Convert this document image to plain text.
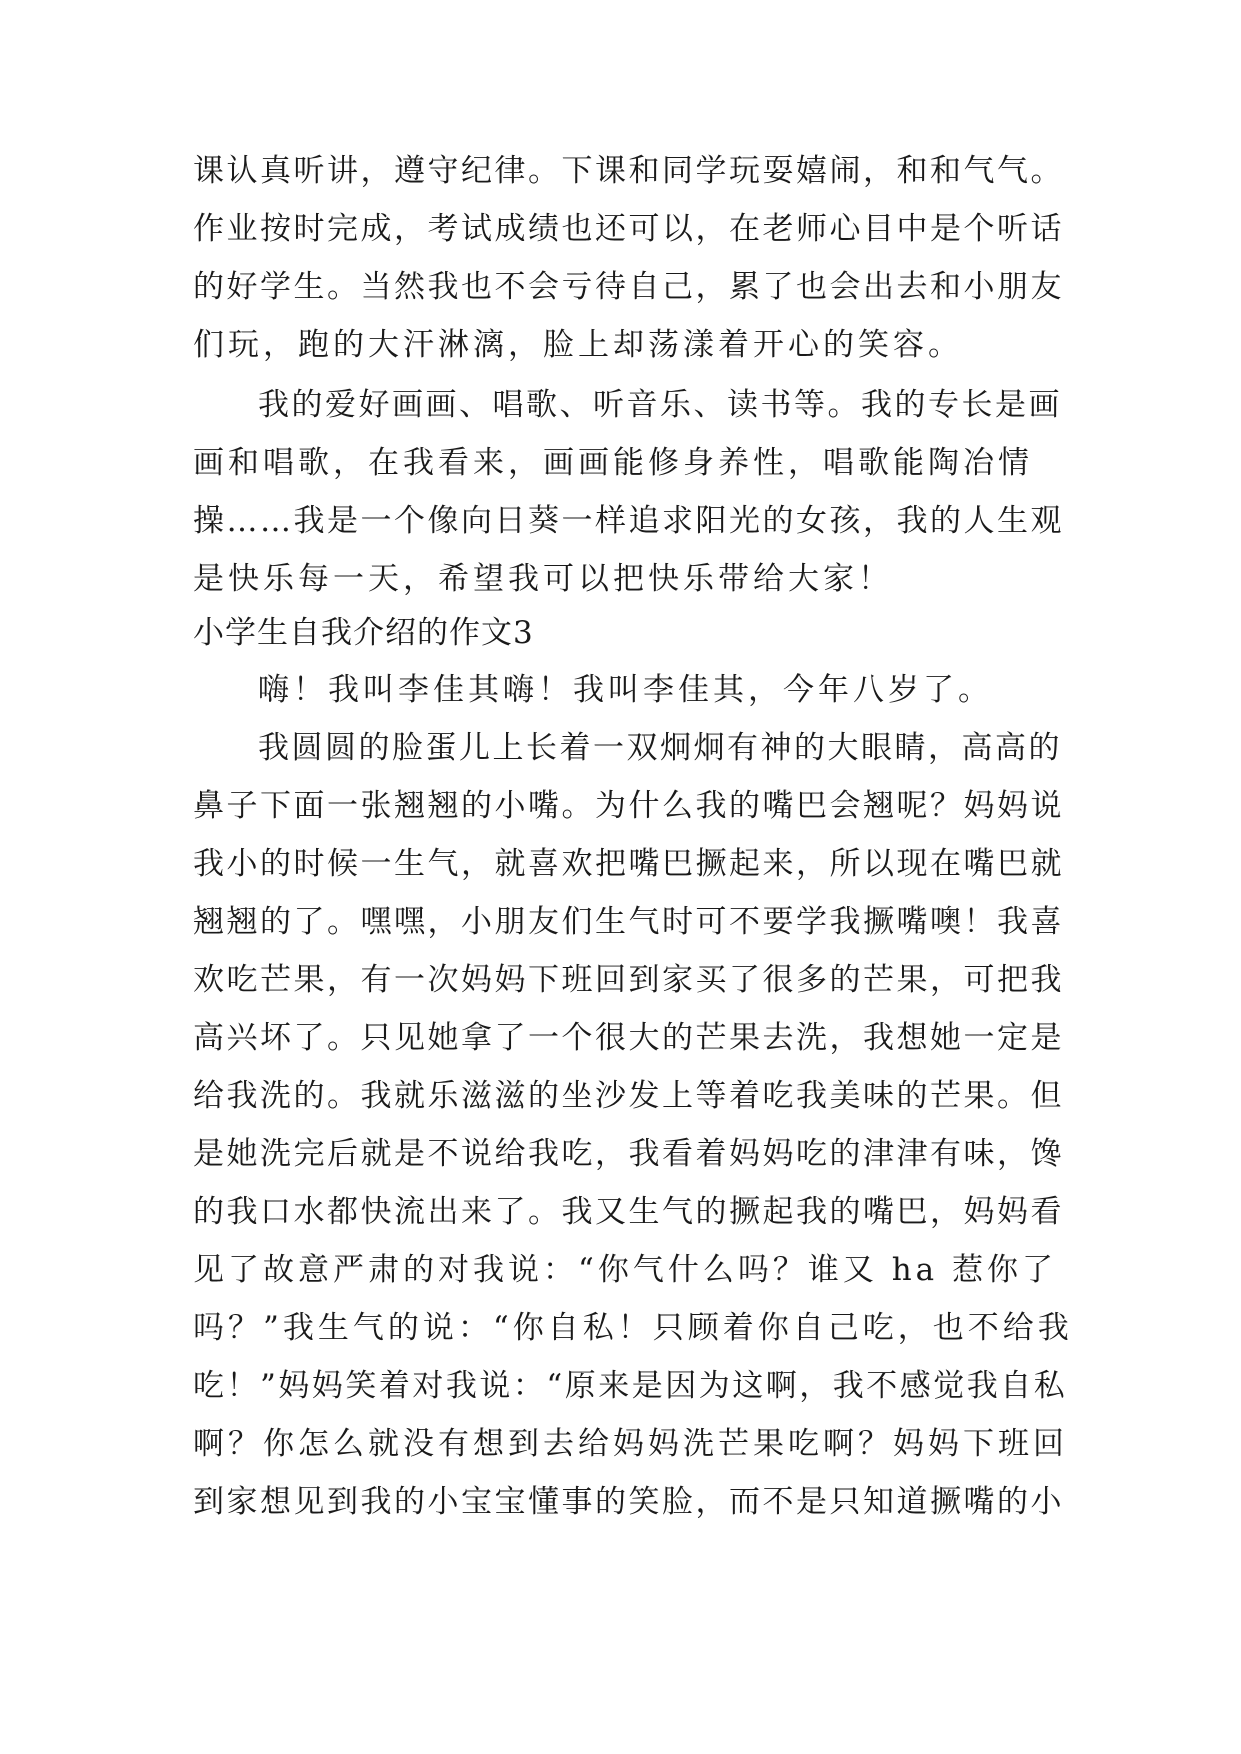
课认真听讲，遵守纪律。下课和同学玩耍嬉闹，和和气气。
作业按时完成，考试成绩也还可以，在老师心目中是个听话
的好学生。当然我也不会亏待自己，累了也会出去和小朋友
们玩，跑的大汗淋漓，脸上却荡漾着开心的笑容。
我的爱好画画、唱歌、听音乐、读书等。我的专长是画
画和唱歌，在我看来，画画能修身养性，唱歌能陶冶情
操……我是一个像向日葵一样追求阳光的女孩，我的人生观
是快乐每一天，希望我可以把快乐带给大家！
小学生自我介绍的作文3
嗨！我叫李佳其嗨！我叫李佳其，今年八岁了。
我圆圆的脸蛋儿上长着一双炯炯有神的大眼睛，高高的
鼻子下面一张翘翘的小嘴。为什么我的嘴巴会翘呢？妈妈说
我小的时候一生气，就喜欢把嘴巴撅起来，所以现在嘴巴就
翘翘的了。嘿嘿，小朋友们生气时可不要学我撅嘴噢！我喜
欢吃芒果，有一次妈妈下班回到家买了很多的芒果，可把我
高兴坏了。只见她拿了一个很大的芒果去洗，我想她一定是
给我洗的。我就乐滋滋的坐沙发上等着吃我美味的芒果。但
是她洗完后就是不说给我吃，我看着妈妈吃的津津有味，馋
的我口水都快流出来了。我又生气的撅起我的嘴巴，妈妈看
见了故意严肃的对我说：“你气什么吗？谁又 ha 惹你了
吗？”我生气的说：“你自私！只顾着你自己吃，也不给我
吃！”妈妈笑着对我说：“原来是因为这啊，我不感觉我自私
啊？你怎么就没有想到去给妈妈洗芒果吃啊？妈妈下班回
到家想见到我的小宝宝懂事的笑脸，而不是只知道撅嘴的小
